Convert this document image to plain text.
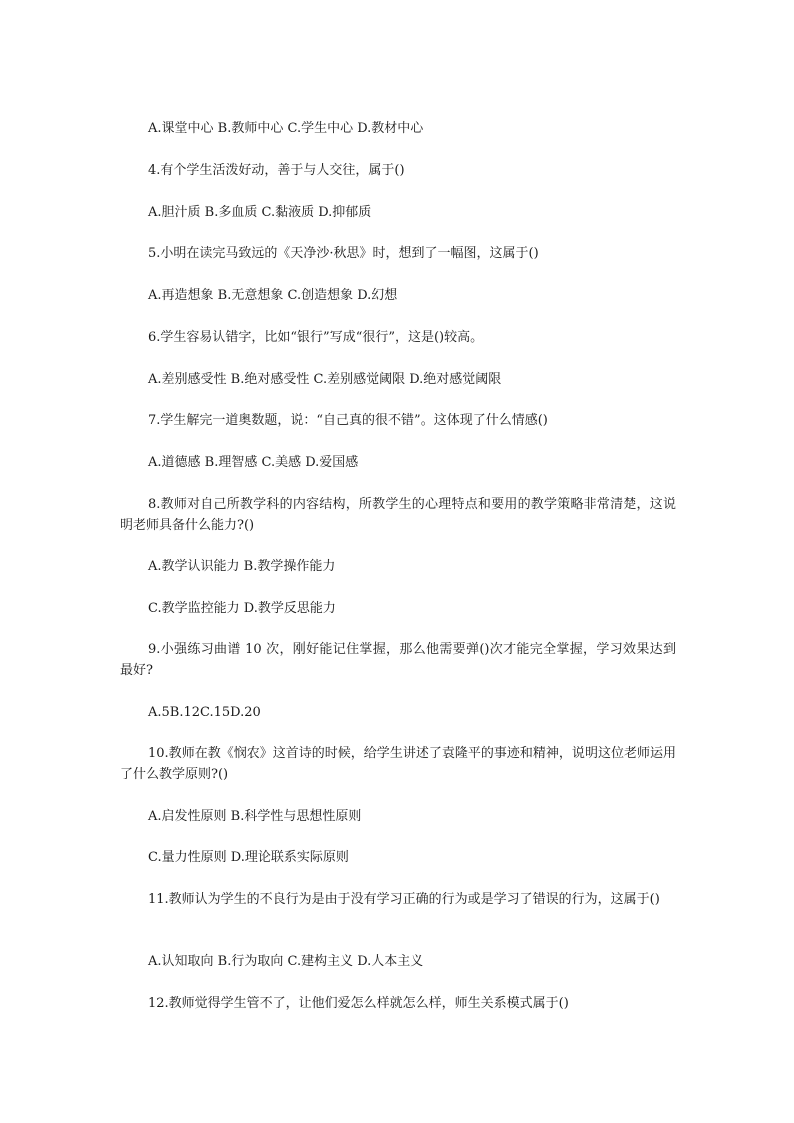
A.课堂中心 B.教师中心 C.学生中心 D.教材中心

4.有个学生活泼好动，善于与人交往，属于()

A.胆汁质 B.多血质 C.黏液质 D.抑郁质

5.小明在读完马致远的《天净沙·秋思》时，想到了一幅图，这属于()

A.再造想象 B.无意想象 C.创造想象 D.幻想

6.学生容易认错字，比如“银行”写成“很行”，这是()较高。

A.差别感受性 B.绝对感受性 C.差别感觉阈限 D.绝对感觉阈限

7.学生解完一道奥数题，说：“自己真的很不错”。这体现了什么情感()

A.道德感 B.理智感 C.美感 D.爱国感

8.教师对自己所教学科的内容结构，所教学生的心理特点和要用的教学策略非常清楚，这说明老师具备什么能力?()

A.教学认识能力 B.教学操作能力

C.教学监控能力 D.教学反思能力

9.小强练习曲谱 10 次，刚好能记住掌握，那么他需要弹()次才能完全掌握，学习效果达到最好?

A.5B.12C.15D.20

10.教师在教《悯农》这首诗的时候，给学生讲述了袁隆平的事迹和精神，说明这位老师运用了什么教学原则?()

A.启发性原则 B.科学性与思想性原则

C.量力性原则 D.理论联系实际原则

11.教师认为学生的不良行为是由于没有学习正确的行为或是学习了错误的行为，这属于()

A.认知取向 B.行为取向 C.建构主义 D.人本主义

12.教师觉得学生管不了，让他们爱怎么样就怎么样，师生关系模式属于()
